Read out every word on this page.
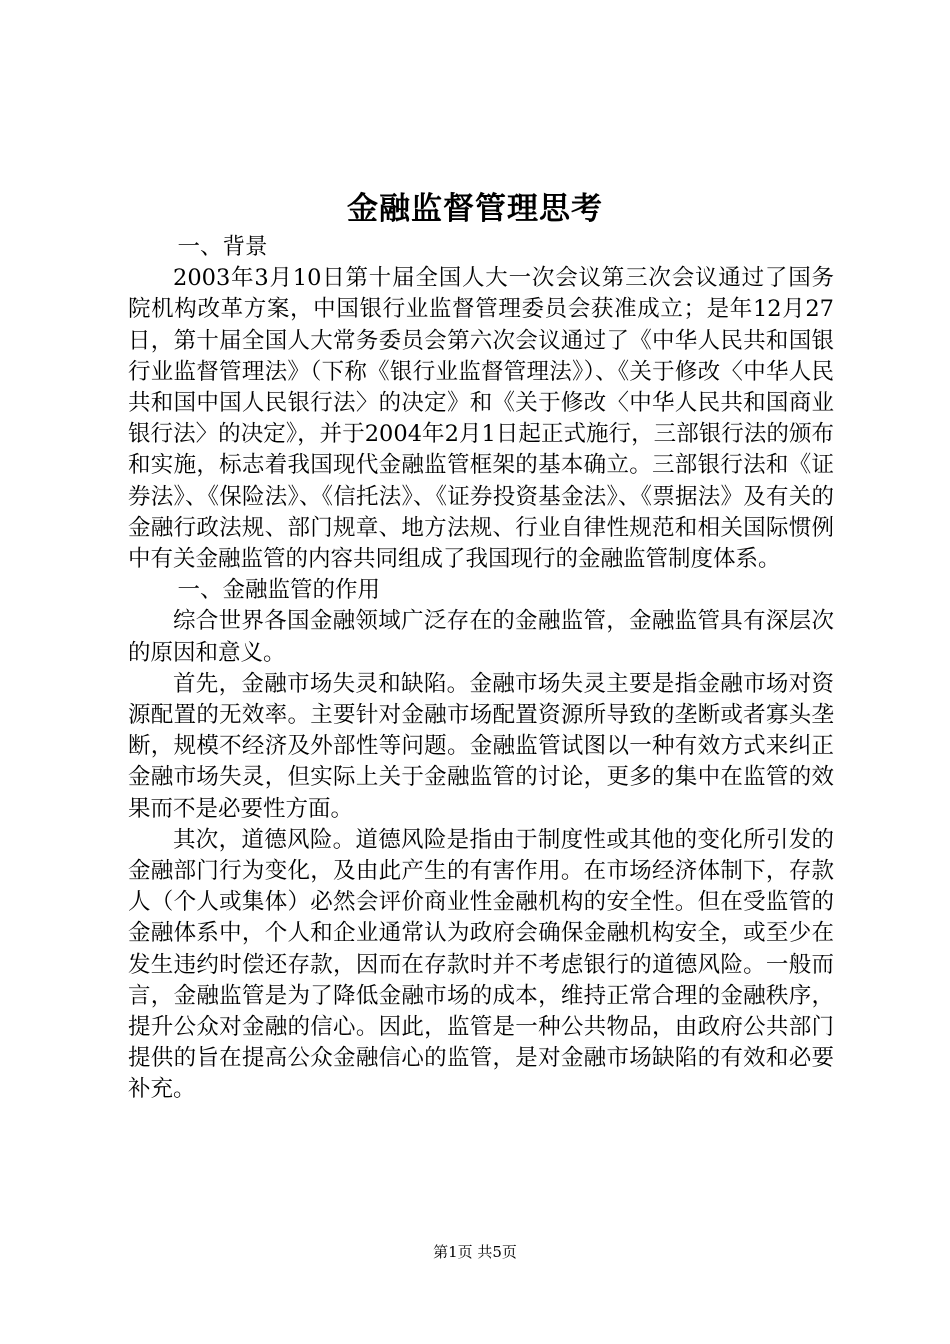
金融监督管理思考

一、背景

2003年3月10日第十届全国人大一次会议第三次会议通过了国务院机构改革方案，中国银行业监督管理委员会获准成立；是年12月27日，第十届全国人大常务委员会第六次会议通过了《中华人民共和国银行业监督管理法》（下称《银行业监督管理法》）、《关于修改〈中华人民共和国中国人民银行法〉的决定》和《关于修改〈中华人民共和国商业银行法〉的决定》，并于2004年2月1日起正式施行，三部银行法的颁布和实施，标志着我国现代金融监管框架的基本确立。三部银行法和《证券法》、《保险法》、《信托法》、《证券投资基金法》、《票据法》及有关的金融行政法规、部门规章、地方法规、行业自律性规范和相关国际惯例中有关金融监管的内容共同组成了我国现行的金融监管制度体系。

一、金融监管的作用

综合世界各国金融领域广泛存在的金融监管，金融监管具有深层次的原因和意义。

首先，金融市场失灵和缺陷。金融市场失灵主要是指金融市场对资源配置的无效率。主要针对金融市场配置资源所导致的垄断或者寡头垄断，规模不经济及外部性等问题。金融监管试图以一种有效方式来纠正金融市场失灵，但实际上关于金融监管的讨论，更多的集中在监管的效果而不是必要性方面。

其次，道德风险。道德风险是指由于制度性或其他的变化所引发的金融部门行为变化，及由此产生的有害作用。在市场经济体制下，存款人（个人或集体）必然会评价商业性金融机构的安全性。但在受监管的金融体系中，个人和企业通常认为政府会确保金融机构安全，或至少在发生违约时偿还存款，因而在存款时并不考虑银行的道德风险。一般而言，金融监管是为了降低金融市场的成本，维持正常合理的金融秩序，提升公众对金融的信心。因此，监管是一种公共物品，由政府公共部门提供的旨在提高公众金融信心的监管，是对金融市场缺陷的有效和必要补充。

第1页 共5页
